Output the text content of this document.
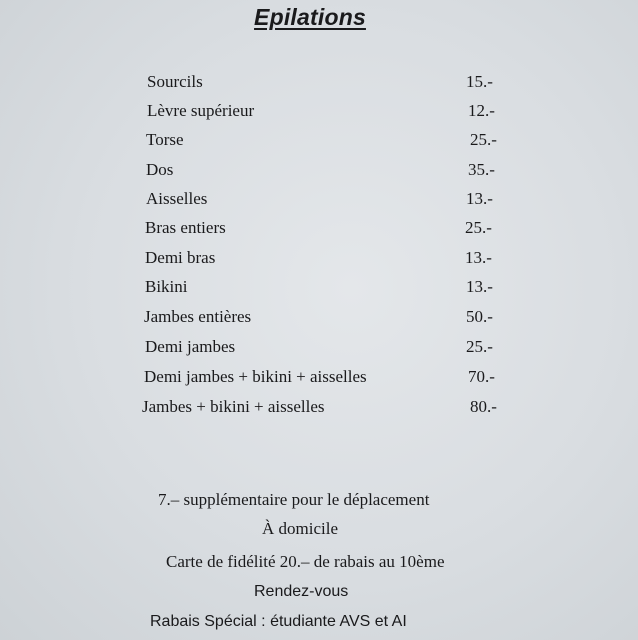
Epilations
Sourcils	15.-
Lèvre supérieur	12.-
Torse	25.-
Dos	35.-
Aisselles	13.-
Bras entiers	25.-
Demi bras	13.-
Bikini	13.-
Jambes entières	50.-
Demi jambes	25.-
Demi jambes + bikini + aisselles	70.-
Jambes + bikini + aisselles	80.-
7.– supplémentaire pour le déplacement
À domicile
Carte de fidélité 20.– de rabais au 10ème
Rendez-vous
Rabais Spécial : étudiante AVS et AI
